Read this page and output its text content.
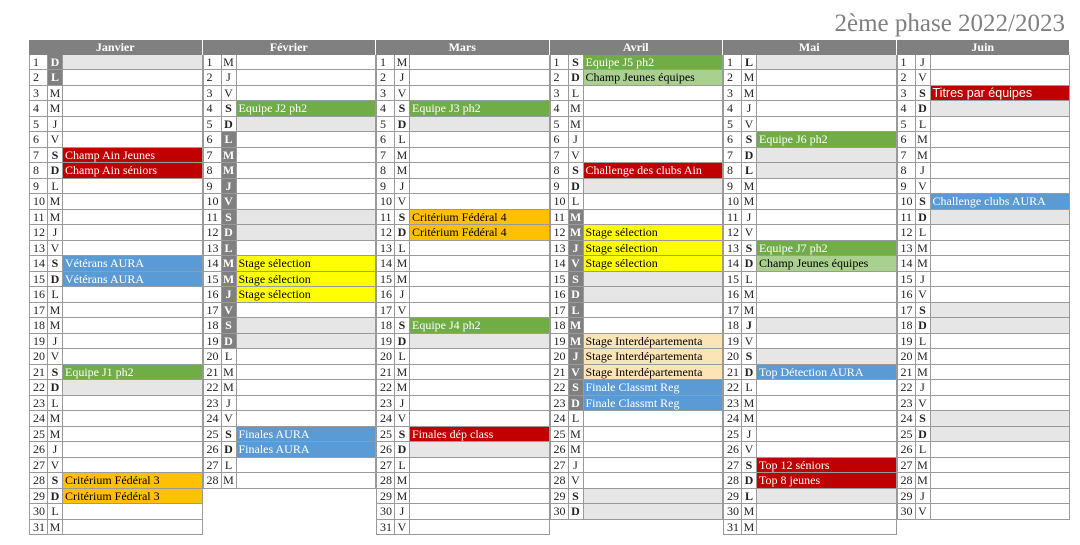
2ème phase 2022/2023
Janvier
1 D
2 L
3 M
4 M
5	J
6 V
7	S Champ Ain Jeunes
8 D Champ Ain séniors
9	L
10 M
11 M
12 J
13 V
14 S Vétérans AURA
15 D Vétérans AURA
16 L
17 M
18 M
19 J
20 V
21 S Equipe J1 ph2
22 D
23 L
24 M
25 M
26 J
27 V
28 S Critérium Fédéral 3
29 D Critérium Fédéral 3
30 L
31 M
Février
1 M
2	J
3 V
4	S Equipe J2 ph2
5 D
6 L
7 M
8 M
9	J
10 V
11 S
12 D
13 L
14 M Stage sélection
15 M Stage sélection
16 J Stage sélection
17 V
18 S
19 D
20 L
21 M
22 M
23 J
24 V
25 S Finales AURA
26 D Finales AURA
27 L
28 M
Mars
1 M
2	J
3 V
4	S Equipe J3 ph2
5 D
6	L
7 M
8 M
9	J
10 V
11 S Critérium Fédéral 4
12 D Critérium Fédéral 4
13 L
14 M
15 M
16 J
17 V
18 S Equipe J4 ph2
19 D
20 L
21 M
22 M
23 J
24 V
25 S Finales dép class
26 D
27 L
28 M
29 M
30 J
31 V
Avril
1	S Equipe J5 ph2
2 D Champ Jeunes équipes
3	L
4 M
5 M
6	J
7 V
8	S Challenge des clubs Ain
9 D
10 L
11 M
12 M Stage sélection
13 J Stage sélection
14 V Stage sélection
15 S
16 D
17 L
18 M
19 M Stage Interdépartementa
20 J Stage Interdépartementa
21 V Stage Interdépartementa
22 S Finale Classmt Reg
23 D Finale Classmt Reg
24 L
25 M
26 M
27 J
28 V
29 S
30 D
Mai
1 L
2 M
3 M
4	J
5 V
6	S Equipe J6 ph2
7 D
8 L
9 M
10 M
11 J
12 V
13 S Equipe J7 ph2
14 D Champ Jeunes équipes
15 L
16 M
17 M
18 J
19 V
20 S
21 D Top Détection AURA
22 L
23 M
24 M
25 J
26 V
27 S Top 12 séniors
28 D Top 8 jeunes
29 L
30 M
31 M
Juin
1	J
2 V
3	S Titres par équipes
4 D
5	L
6 M
7 M
8	J
9 V
10 S Challenge clubs AURA
11 D
12 L
13 M
14 M
15 J
16 V
17 S
18 D
19 L
20 M
21 M
22 J
23 V
24 S
25 D
26 L
27 M
28 M
29 J
30 V
